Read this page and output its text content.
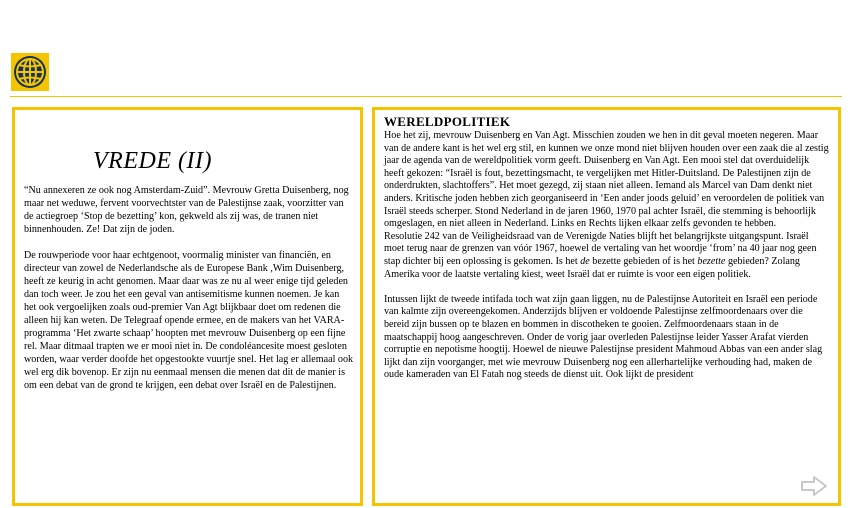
VREDE (II)

“Nu annexeren ze ook nog Amsterdam-Zuid”. Mevrouw Gretta Duisenberg, nog maar net weduwe, fervent voorvechtster van de Palestijnse zaak, voorzitter van de actiegroep ‘Stop de bezetting’ kon, gekweld als zij was, de tranen niet binnenhouden. Ze! Dat zijn de joden.

De rouwperiode voor haar echtgenoot, voormalig minister van financiën, en directeur van zowel de Nederlandsche als de Europese Bank ,Wim Duisenberg, heeft ze keurig in acht genomen. Maar daar was ze nu al weer enige tijd geleden dan toch weer. Je zou het een geval van antisemitisme kunnen noemen. Je kan het ook vergoelijken zoals oud-premier Van Agt blijkbaar doet om redenen die alleen hij kan weten. De Telegraaf opende ermee, en de makers van het VARA-programma ‘Het zwarte schaap’ hoopten met mevrouw Duisenberg op een fijne rel. Maar ditmaal trapten we er mooi niet in. De condoléancesite moest gesloten worden, waar verder doofde het opgestookte vuurtje snel. Het lag er allemaal ook wel erg dik bovenop. Er zijn nu eenmaal mensen die menen dat dit de manier is om een debat van de grond te krijgen, een debat over Israël en de Palestijnen.

WERELDPOLITIEK

Hoe het zij, mevrouw Duisenberg en Van Agt. Misschien zouden we hen in dit geval moeten negeren. Maar van de andere kant is het wel erg stil, en kunnen we onze mond niet blijven houden over een zaak die al zestig jaar de agenda van de wereldpolitiek vorm geeft. Duisenberg en Van Agt. Een mooi stel dat overduidelijk heeft gekozen: “Israël is fout, bezettingsmacht, te vergelijken met Hitler-Duitsland. De Palestijnen zijn de onderdrukten, slachtoffers”. Het moet gezegd, zij staan niet alleen. Iemand als Marcel van Dam denkt niet anders. Kritische joden hebben zich georganiseerd in ‘Een ander joods geluid’ en veroordelen de politiek van Israël steeds scherper. Stond Nederland in de jaren 1960, 1970 pal achter Israël, die stemming is behoorlijk omgeslagen, en niet alleen in Nederland. Links en Rechts lijken elkaar zelfs gevonden te hebben.

Resolutie 242 van de Veiligheidsraad van de Verenigde Naties blijft het belangrijkste uitgangspunt. Israël moet terug naar de grenzen van vóór 1967, hoewel de vertaling van het woordje ‘from’ na 40 jaar nog geen stap dichter bij een oplossing is gekomen. Is het de bezette gebieden of is het bezette gebieden? Zolang Amerika voor de laatste vertaling kiest, weet Israël dat er ruimte is voor een eigen politiek.

Intussen lijkt de tweede intifada toch wat zijn gaan liggen, nu de Palestijnse Autoriteit en Israël een periode van kalmte zijn overeengekomen. Anderzijds blijven er voldoende Palestijnse zelfmoordenaars over die bereid zijn bussen op te blazen en bommen in discotheken te gooien. Zelfmoordenaars staan in de maatschappij hoog aangeschreven. Onder de vorig jaar overleden Palestijnse leider Yasser Arafat vierden corruptie en nepotisme hoogtij. Hoewel de nieuwe Palestijnse president Mahmoud Abbas van een ander slag lijkt dan zijn voorganger, met wie mevrouw Duisenberg nog een allerhartelijke verhouding had, maken de oude kameraden van El Fatah nog steeds de dienst uit. Ook lijkt de president
